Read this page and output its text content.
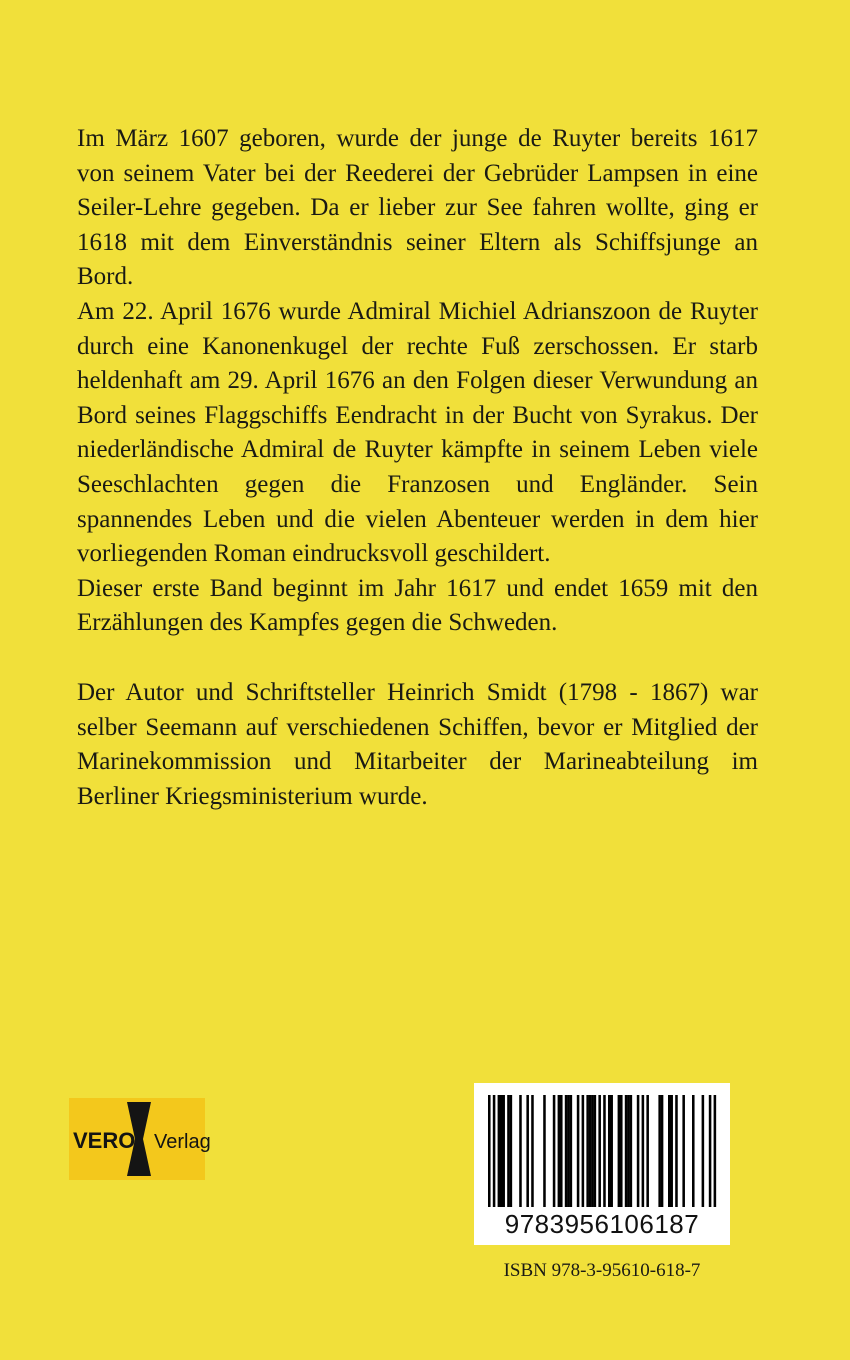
Im März 1607 geboren, wurde der junge de Ruyter bereits 1617 von seinem Vater bei der Reederei der Gebrüder Lampsen in eine Seiler-Lehre gegeben. Da er lieber zur See fahren wollte, ging er 1618 mit dem Einverständnis seiner Eltern als Schiffsjunge an Bord.

Am 22. April 1676 wurde Admiral Michiel Adrianszoon de Ruyter durch eine Kanonenkugel der rechte Fuß zerschossen. Er starb heldenhaft am 29. April 1676 an den Folgen dieser Verwundung an Bord seines Flaggschiffs Eendracht in der Bucht von Syrakus. Der niederländische Admiral de Ruyter kämpfte in seinem Leben viele Seeschlachten gegen die Franzosen und Engländer. Sein spannendes Leben und die vielen Abenteuer werden in dem hier vorliegenden Roman eindrucksvoll geschildert.

Dieser erste Band beginnt im Jahr 1617 und endet 1659 mit den Erzählungen des Kampfes gegen die Schweden.

Der Autor und Schriftsteller Heinrich Smidt (1798 - 1867) war selber Seemann auf verschiedenen Schiffen, bevor er Mitglied der Marinekommission und Mitarbeiter der Marineabteilung im Berliner Kriegsministerium wurde.

VERO Verlag
9783956106187
ISBN 978-3-95610-618-7
